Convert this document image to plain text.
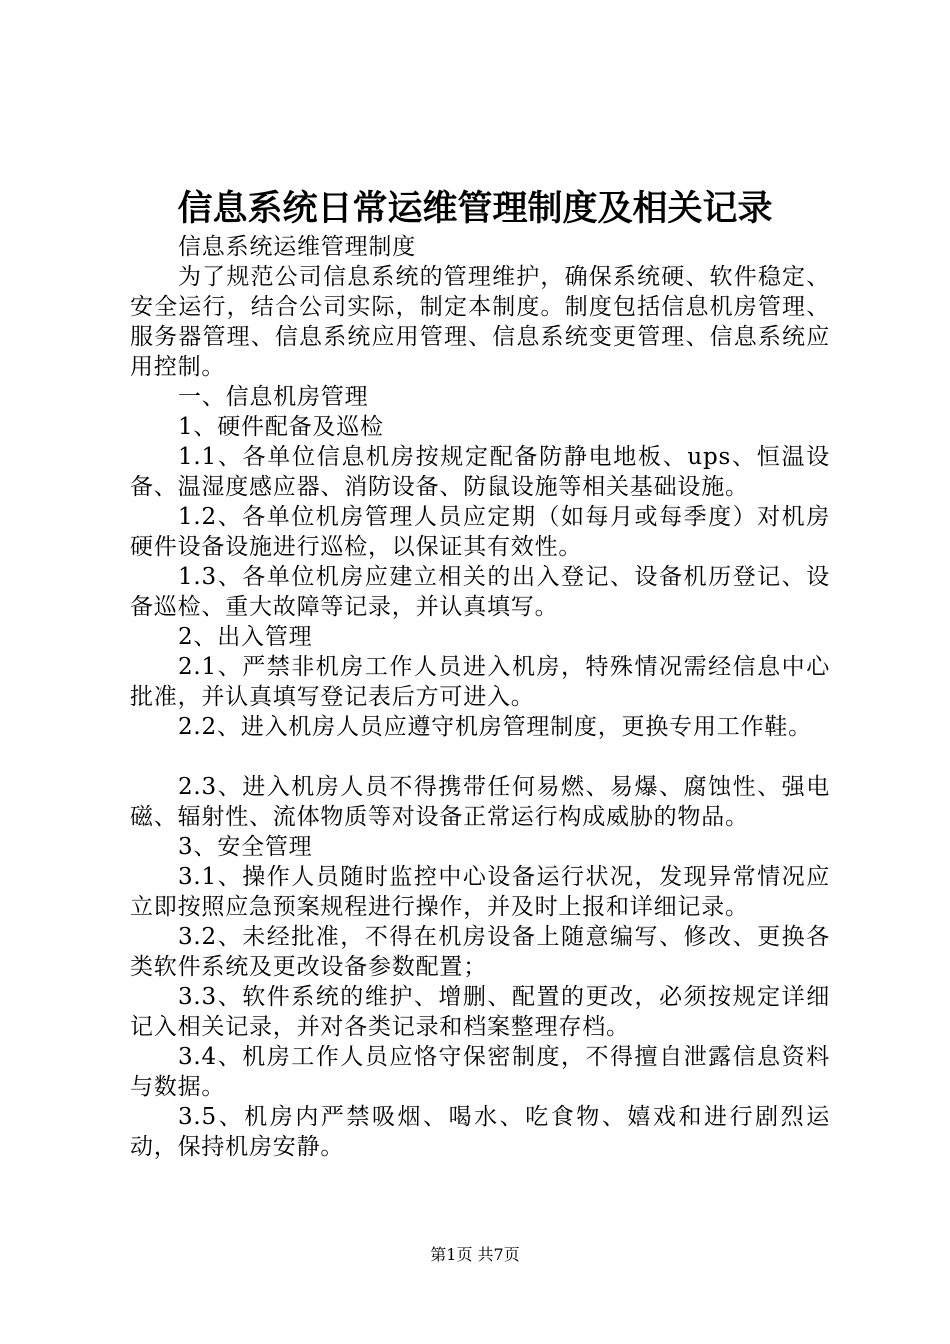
信息系统日常运维管理制度及相关记录

信息系统运维管理制度

为了规范公司信息系统的管理维护，确保系统硬、软件稳定、安全运行，结合公司实际，制定本制度。制度包括信息机房管理、服务器管理、信息系统应用管理、信息系统变更管理、信息系统应用控制。

一、信息机房管理

1、硬件配备及巡检

1.1、各单位信息机房按规定配备防静电地板、ups、恒温设备、温湿度感应器、消防设备、防鼠设施等相关基础设施。

1.2、各单位机房管理人员应定期（如每月或每季度）对机房硬件设备设施进行巡检，以保证其有效性。

1.3、各单位机房应建立相关的出入登记、设备机历登记、设备巡检、重大故障等记录，并认真填写。

2、出入管理

2.1、严禁非机房工作人员进入机房，特殊情况需经信息中心批准，并认真填写登记表后方可进入。

2.2、进入机房人员应遵守机房管理制度，更换专用工作鞋。

2.3、进入机房人员不得携带任何易燃、易爆、腐蚀性、强电磁、辐射性、流体物质等对设备正常运行构成威胁的物品。

3、安全管理

3.1、操作人员随时监控中心设备运行状况，发现异常情况应立即按照应急预案规程进行操作，并及时上报和详细记录。

3.2、未经批准，不得在机房设备上随意编写、修改、更换各类软件系统及更改设备参数配置；

3.3、软件系统的维护、增删、配置的更改，必须按规定详细记入相关记录，并对各类记录和档案整理存档。

3.4、机房工作人员应恪守保密制度，不得擅自泄露信息资料与数据。

3.5、机房内严禁吸烟、喝水、吃食物、嬉戏和进行剧烈运动，保持机房安静。

第1页 共7页
